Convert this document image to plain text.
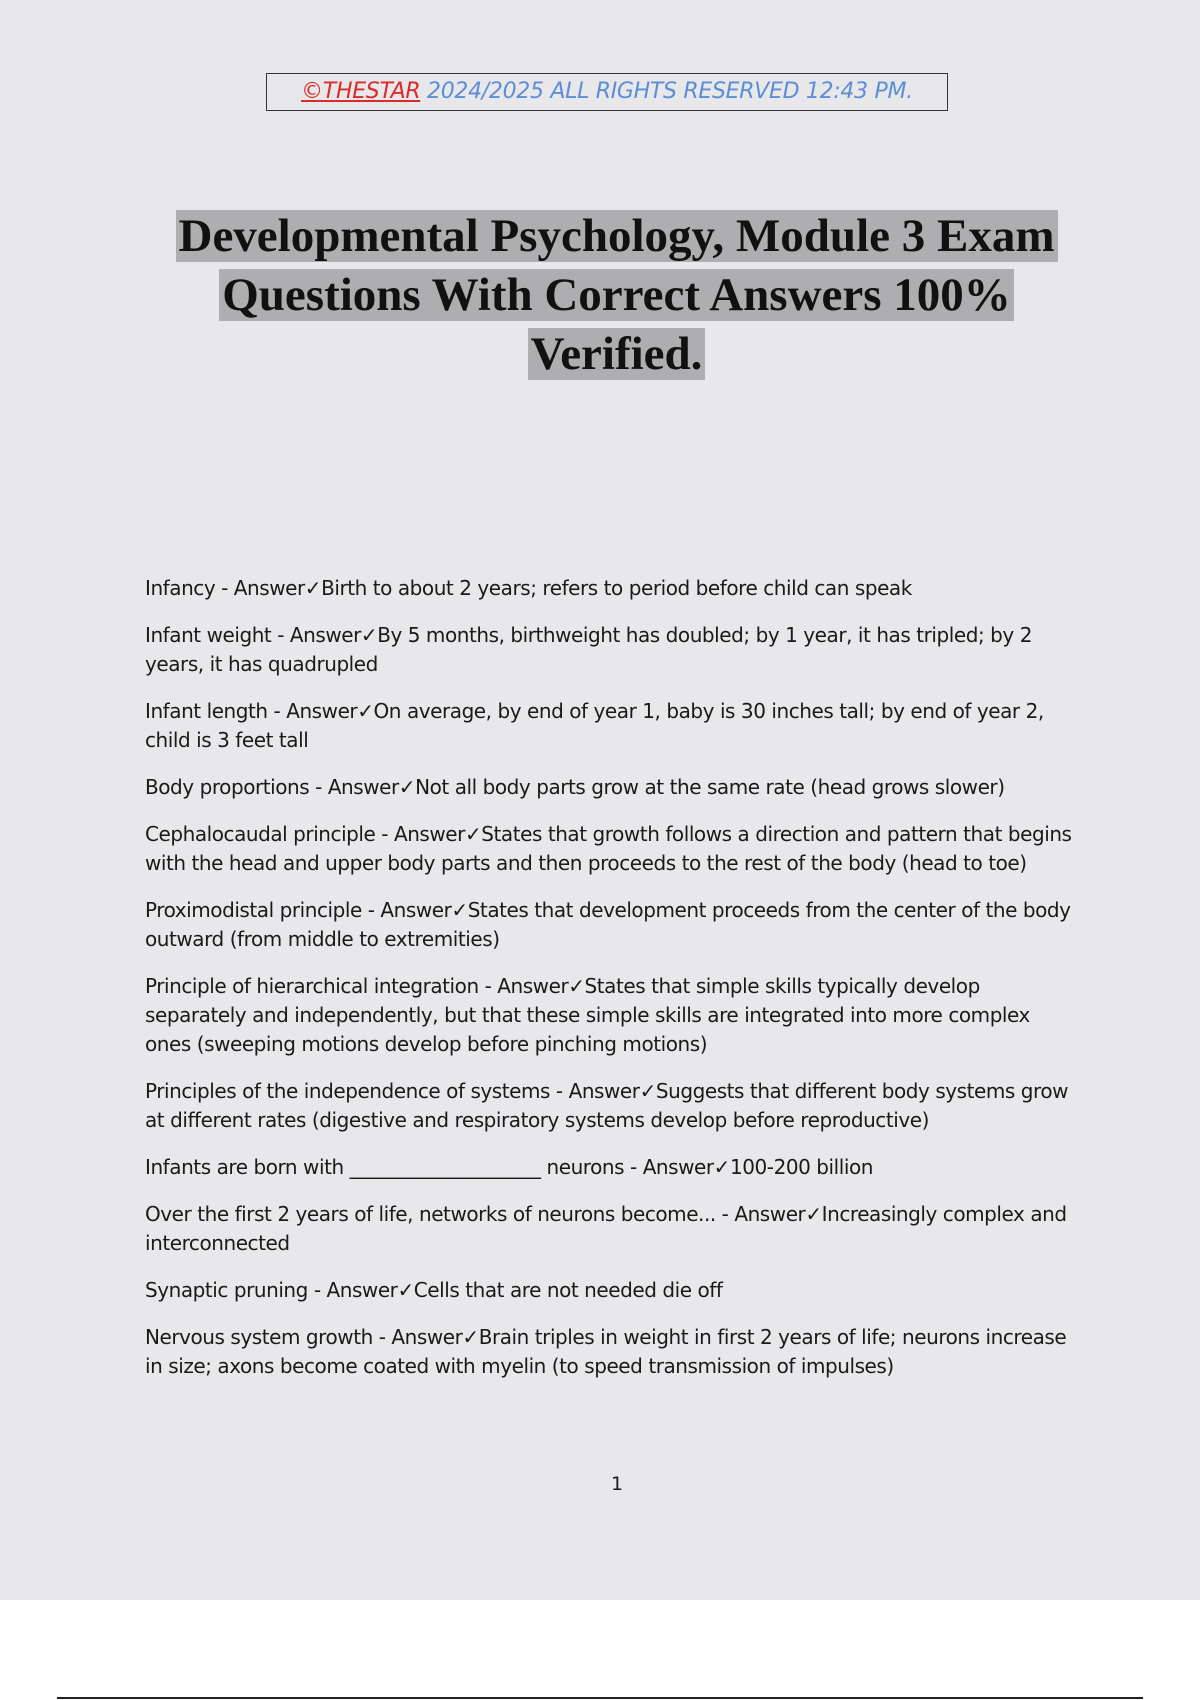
©THESTAR 2024/2025 ALL RIGHTS RESERVED 12:43 PM.
Developmental Psychology, Module 3 Exam
Questions With Correct Answers 100%
Verified.

Infancy - Answer✓Birth to about 2 years; refers to period before child can speak

Infant weight - Answer✓By 5 months, birthweight has doubled; by 1 year, it has tripled; by 2 years, it has quadrupled

Infant length - Answer✓On average, by end of year 1, baby is 30 inches tall; by end of year 2, child is 3 feet tall

Body proportions - Answer✓Not all body parts grow at the same rate (head grows slower)

Cephalocaudal principle - Answer✓States that growth follows a direction and pattern that begins with the head and upper body parts and then proceeds to the rest of the body (head to toe)

Proximodistal principle - Answer✓States that development proceeds from the center of the body outward (from middle to extremities)

Principle of hierarchical integration - Answer✓States that simple skills typically develop separately and independently, but that these simple skills are integrated into more complex ones (sweeping motions develop before pinching motions)

Principles of the independence of systems - Answer✓Suggests that different body systems grow at different rates (digestive and respiratory systems develop before reproductive)

Infants are born with ____________________ neurons - Answer✓100-200 billion

Over the first 2 years of life, networks of neurons become... - Answer✓Increasingly complex and interconnected

Synaptic pruning - Answer✓Cells that are not needed die off

Nervous system growth - Answer✓Brain triples in weight in first 2 years of life; neurons increase in size; axons become coated with myelin (to speed transmission of impulses)

1
